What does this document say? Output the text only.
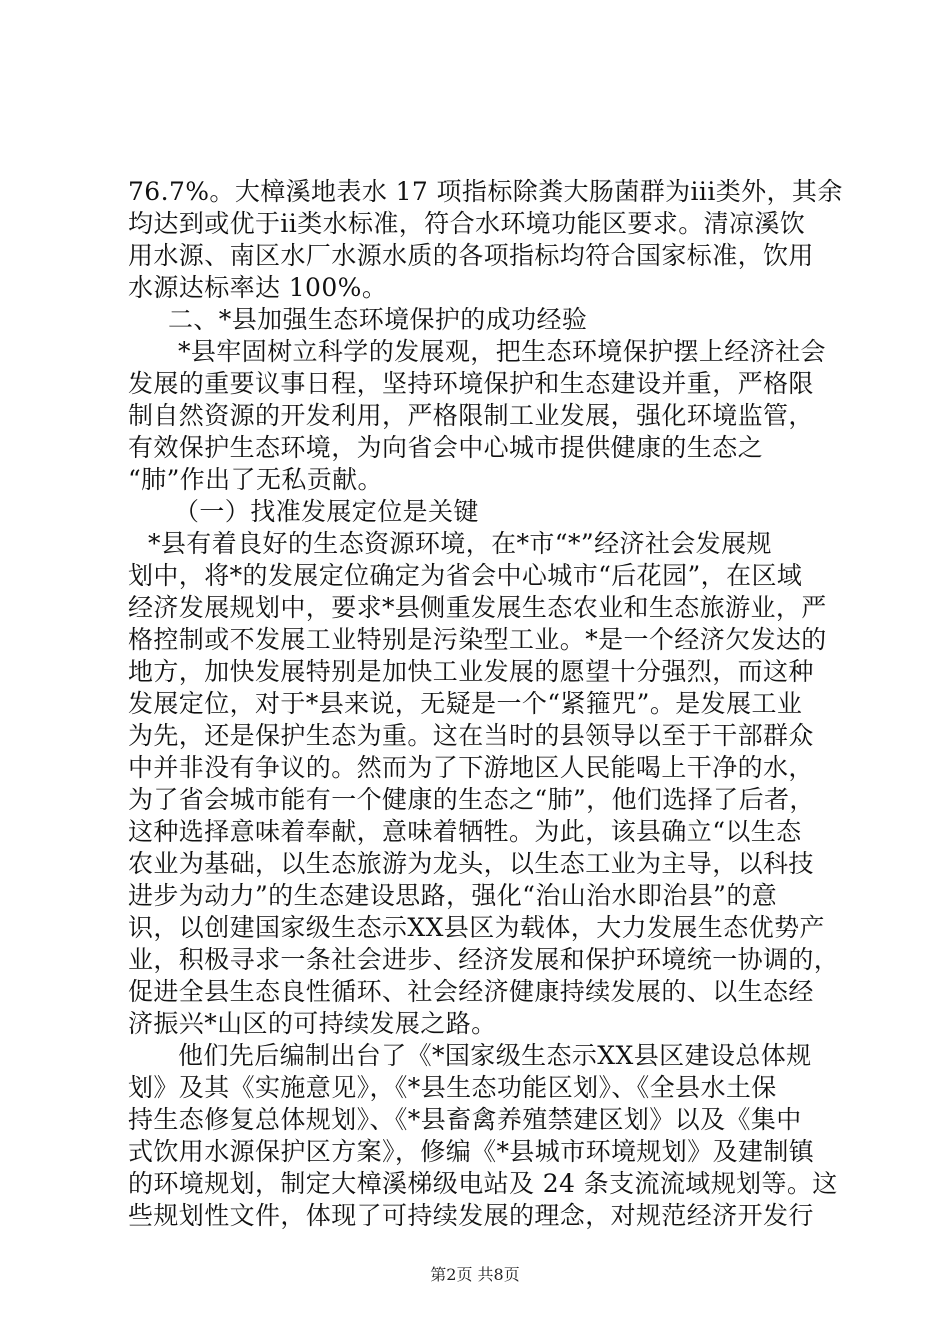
76.7%。大樟溪地表水 17 项指标除粪大肠菌群为iii类外，其余
均达到或优于ii类水标准，符合水环境功能区要求。清凉溪饮
用水源、南区水厂水源水质的各项指标均符合国家标准，饮用
水源达标率达 100%。
二、*县加强生态环境保护的成功经验
*县牢固树立科学的发展观，把生态环境保护摆上经济社会
发展的重要议事日程，坚持环境保护和生态建设并重，严格限
制自然资源的开发利用，严格限制工业发展，强化环境监管，
有效保护生态环境，为向省会中心城市提供健康的生态之
“肺”作出了无私贡献。
（一）找准发展定位是关键
*县有着良好的生态资源环境，在*市“*”经济社会发展规
划中，将*的发展定位确定为省会中心城市“后花园”，在区域
经济发展规划中，要求*县侧重发展生态农业和生态旅游业，严
格控制或不发展工业特别是污染型工业。*是一个经济欠发达的
地方，加快发展特别是加快工业发展的愿望十分强烈，而这种
发展定位，对于*县来说，无疑是一个“紧箍咒”。是发展工业
为先，还是保护生态为重。这在当时的县领导以至于干部群众
中并非没有争议的。然而为了下游地区人民能喝上干净的水，
为了省会城市能有一个健康的生态之“肺”，他们选择了后者，
这种选择意味着奉献，意味着牺牲。为此，该县确立“以生态
农业为基础，以生态旅游为龙头，以生态工业为主导，以科技
进步为动力”的生态建设思路，强化“治山治水即治县”的意
识，以创建国家级生态示XX县区为载体，大力发展生态优势产
业，积极寻求一条社会进步、经济发展和保护环境统一协调的，
促进全县生态良性循环、社会经济健康持续发展的、以生态经
济振兴*山区的可持续发展之路。
他们先后编制出台了《*国家级生态示XX县区建设总体规
划》及其《实施意见》，《*县生态功能区划》、《全县水土保
持生态修复总体规划》、《*县畜禽养殖禁建区划》以及《集中
式饮用水源保护区方案》，修编《*县城市环境规划》及建制镇
的环境规划，制定大樟溪梯级电站及 24 条支流流域规划等。这
些规划性文件，体现了可持续发展的理念，对规范经济开发行
第2页 共8页
